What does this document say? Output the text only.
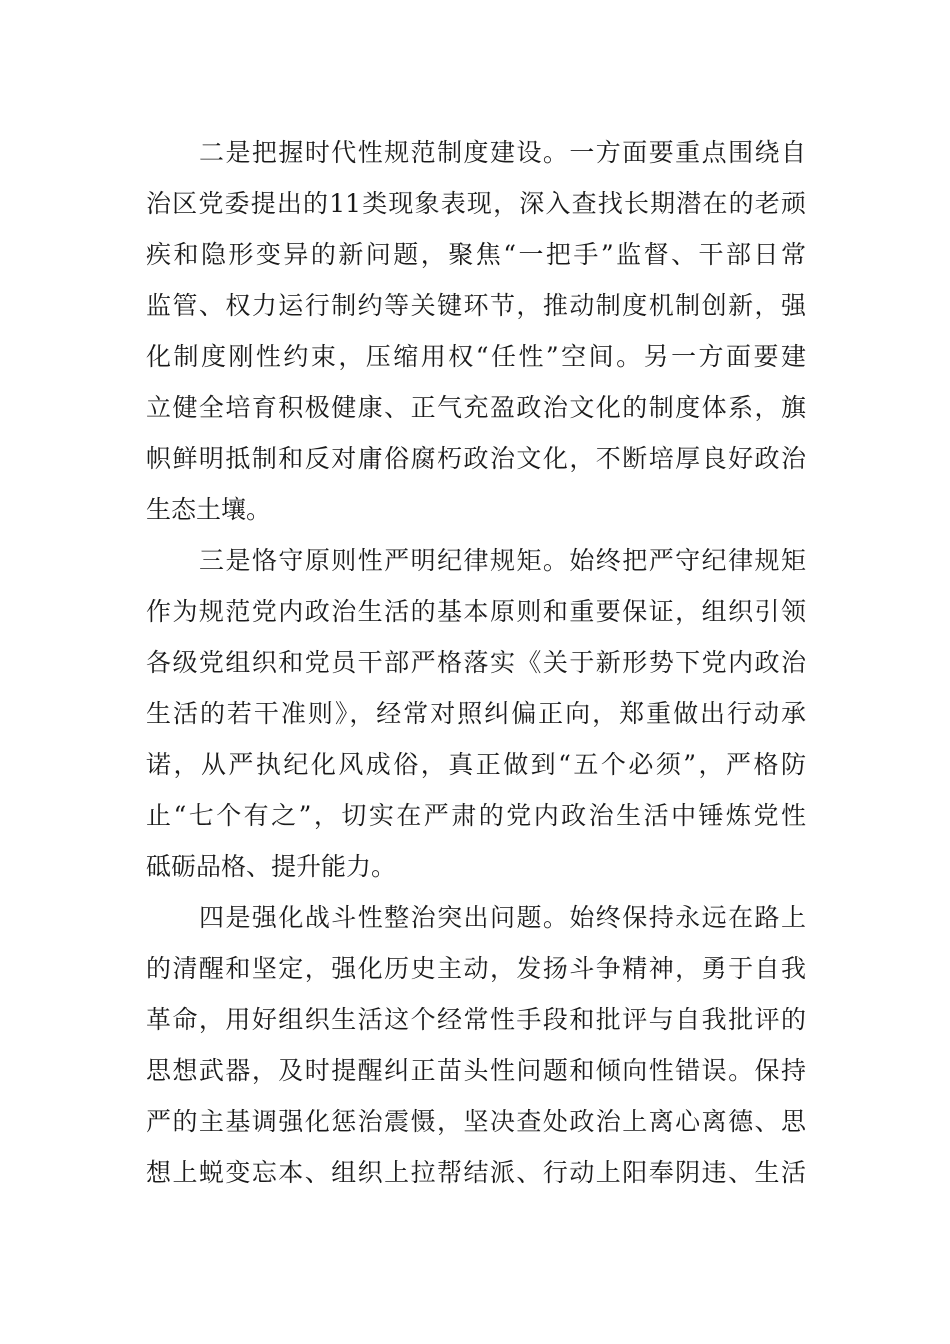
二是把握时代性规范制度建设。一方面要重点围绕自
治区党委提出的11类现象表现，深入查找长期潜在的老顽
疾和隐形变异的新问题，聚焦“一把手”监督、干部日常
监管、权力运行制约等关键环节，推动制度机制创新，强
化制度刚性约束，压缩用权“任性”空间。另一方面要建
立健全培育积极健康、正气充盈政治文化的制度体系，旗
帜鲜明抵制和反对庸俗腐朽政治文化，不断培厚良好政治
生态土壤。
三是恪守原则性严明纪律规矩。始终把严守纪律规矩
作为规范党内政治生活的基本原则和重要保证，组织引领
各级党组织和党员干部严格落实《关于新形势下党内政治
生活的若干准则》，经常对照纠偏正向，郑重做出行动承
诺，从严执纪化风成俗，真正做到“五个必须”，严格防
止“七个有之”，切实在严肃的党内政治生活中锤炼党性
砥砺品格、提升能力。
四是强化战斗性整治突出问题。始终保持永远在路上
的清醒和坚定，强化历史主动，发扬斗争精神，勇于自我
革命，用好组织生活这个经常性手段和批评与自我批评的
思想武器，及时提醒纠正苗头性问题和倾向性错误。保持
严的主基调强化惩治震慑，坚决查处政治上离心离德、思
想上蜕变忘本、组织上拉帮结派、行动上阳奉阴违、生活
